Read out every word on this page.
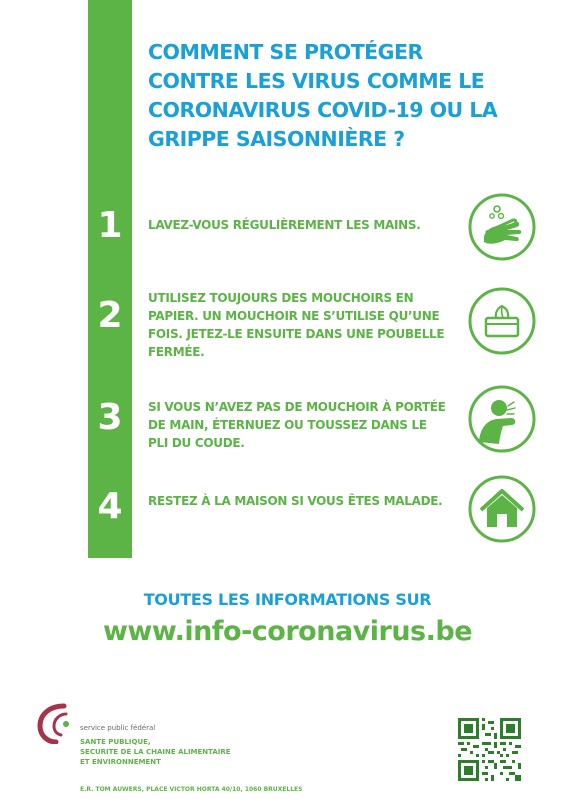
COMMENT SE PROTÉGER CONTRE LES VIRUS COMME LE CORONAVIRUS COVID-19 OU LA GRIPPE SAISONNIÈRE ?
1	LAVEZ-VOUS RÉGULIÈREMENT LES MAINS.
2	UTILISEZ TOUJOURS DES MOUCHOIRS EN PAPIER. UN MOUCHOIR NE S’UTILISE QU’UNE FOIS. JETEZ-LE ENSUITE DANS UNE POUBELLE FERMÉE.
3	SI VOUS N’AVEZ PAS DE MOUCHOIR À PORTÉE DE MAIN, ÉTERNUEZ OU TOUSSEZ DANS LE PLI DU COUDE.
4	RESTEZ À LA MAISON SI VOUS ÊTES MALADE.
TOUTES LES INFORMATIONS SUR
www.info-coronavirus.be
service public fédéral
SANTE PUBLIQUE,
SECURITE DE LA CHAINE ALIMENTAIRE
ET ENVIRONNEMENT
E.R. TOM AUWERS, PLACE VICTOR HORTA 40/10, 1060 BRUXELLES
